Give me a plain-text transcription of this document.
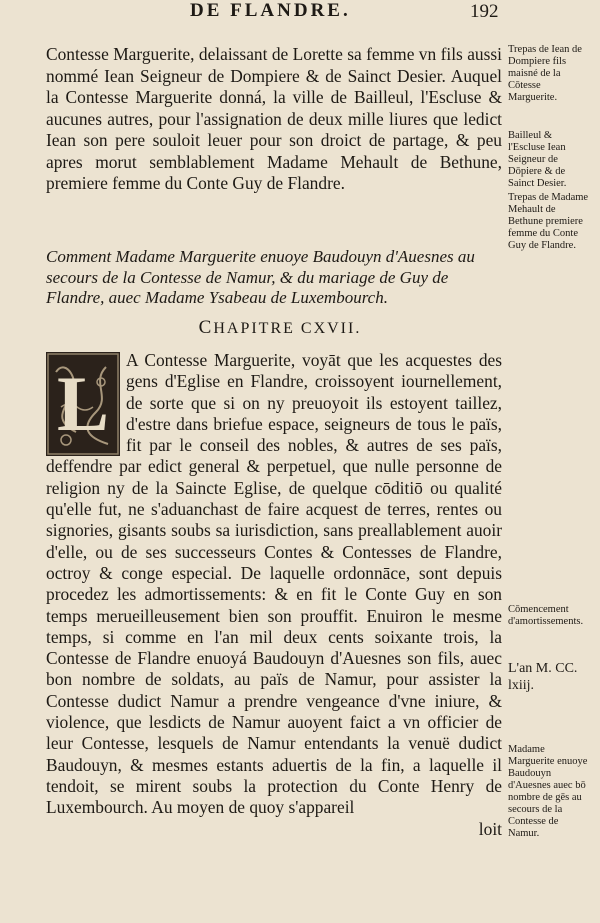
DE FLANDRE.	192

Contesse Marguerite, delaissant de Lorette sa femme vn fils aussi nommé Iean Seigneur de Dompiere & de Sainct Desier. Auquel la Contesse Marguerite donná, la ville de Bailleul, l'Escluse & aucunes autres, pour l'assignation de deux mille liures que ledict Iean son pere souloit leuer pour son droict de partage, & peu apres morut semblablement Madame Mehault de Bethune, premiere femme du Conte Guy de Flandre.

Comment Madame Marguerite enuoye Baudouyn d'Auesnes au secours de la Contesse de Namur, & du mariage de Guy de Flandre, auec Madame Ysabeau de Luxembourch.
CHAPITRE CXVII.
L A Contesse Marguerite, voyāt que les acquestes des gens d'Eglise en Flandre, croissoyent iournellement, de sorte que si on ny preuoyoit ils estoyent taillez, d'estre dans briefue espace, seigneurs de tous le païs, fit par le conseil des nobles, & autres de ses païs, deffendre par edict general & perpetuel, que nulle personne de religion ny de la Saincte Eglise, de quelque cōditiō ou qualité qu'elle fut, ne s'aduanchast de faire acquest de terres, rentes ou signories, gisants soubs sa iurisdiction, sans preallablement auoir d'elle, ou de ses successeurs Contes & Contesses de Flandre, octroy & conge especial. De laquelle ordonnāce, sont depuis procedez les admortissements: & en fit le Conte Guy en son temps merueilleusement bien son prouffit. Enuiron le mesme temps, si comme en l'an mil deux cents soixante trois, la Contesse de Flandre enuoyá Baudouyn d'Auesnes son fils, auec bon nombre de soldats, au païs de Namur, pour assister la Contesse dudict Namur a prendre vengeance d'vne iniure, & violence, que lesdicts de Namur auoyent faict a vn officier de leur Contesse, lesquels de Namur entendants la venuë dudict Baudouyn, & mesmes estants aduertis de la fin, a laquelle il tendoit, se mirent soubs la protection du Conte Henry de Luxembourch. Au moyen de quoy s'appareil

loit
Trepas de Iean de Dompiere fils maisné de la Cōtesse Marguerite.
Bailleul & l'Escluse Iean Seigneur de Dōpiere & de Sainct Desier.
Trepas de Madame Mehault de Bethune premiere femme du Conte Guy de Flandre.
Cōmencement d'amortissements.
L'an M. CC. lxiij.
Madame Marguerite enuoye Baudouyn d'Auesnes auec bō nombre de gēs au secours de la Contesse de Namur.
